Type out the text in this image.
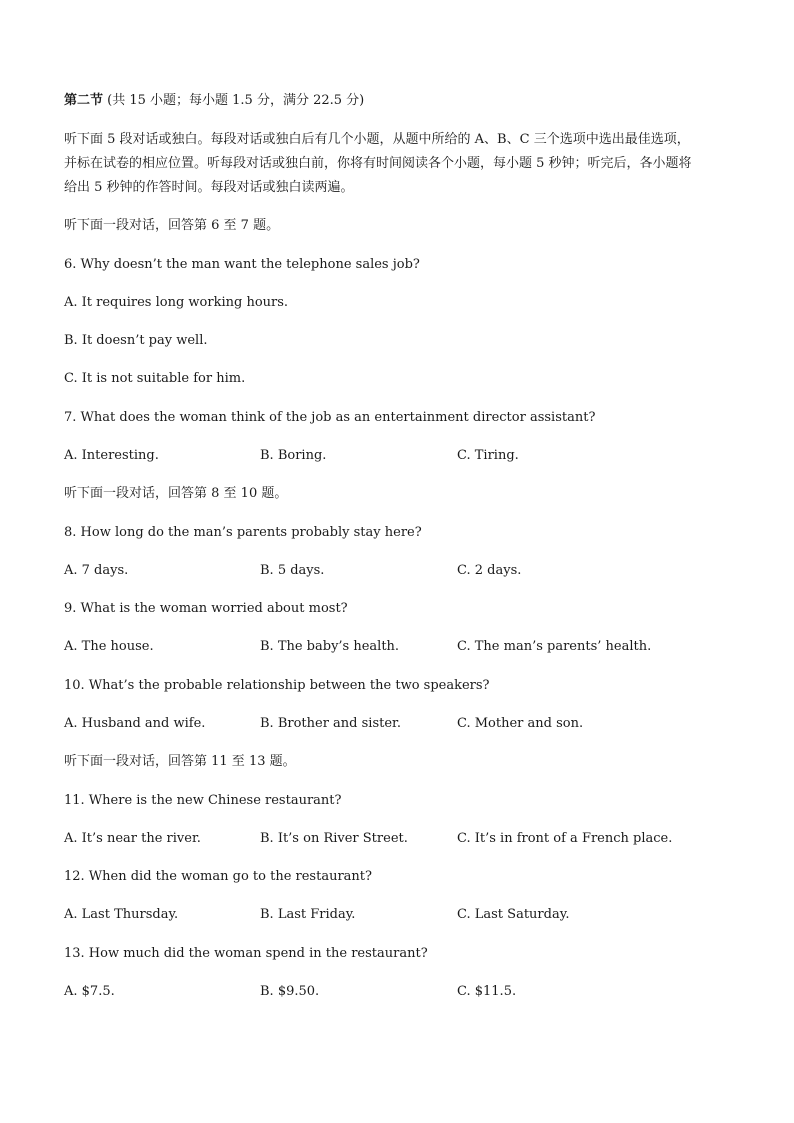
第二节 (共 15 小题；每小题 1.5 分，满分 22.5 分)
听下面 5 段对话或独白。每段对话或独白后有几个小题，从题中所给的 A、B、C 三个选项中选出最佳选项，
并标在试卷的相应位置。听每段对话或独白前，你将有时间阅读各个小题，每小题 5 秒钟；听完后，各小题将
给出 5 秒钟的作答时间。每段对话或独白读两遍。
听下面一段对话，回答第 6 至 7 题。
6. Why doesn’t the man want the telephone sales job?
A. It requires long working hours.
B. It doesn’t pay well.
C. It is not suitable for him.
7. What does the woman think of the job as an entertainment director assistant?
A. Interesting.	B. Boring.	C. Tiring.
听下面一段对话，回答第 8 至 10 题。
8. How long do the man’s parents probably stay here?
A. 7 days.	B. 5 days.	C. 2 days.
9. What is the woman worried about most?
A. The house.	B. The baby’s health.	C. The man’s parents’ health.
10. What’s the probable relationship between the two speakers?
A. Husband and wife.	B. Brother and sister.	C. Mother and son.
听下面一段对话，回答第 11 至 13 题。
11. Where is the new Chinese restaurant?
A. It’s near the river.	B. It’s on River Street.	C. It’s in front of a French place.
12. When did the woman go to the restaurant?
A. Last Thursday.	B. Last Friday.	C. Last Saturday.
13. How much did the woman spend in the restaurant?
A. $7.5.	B. $9.50.	C. $11.5.
